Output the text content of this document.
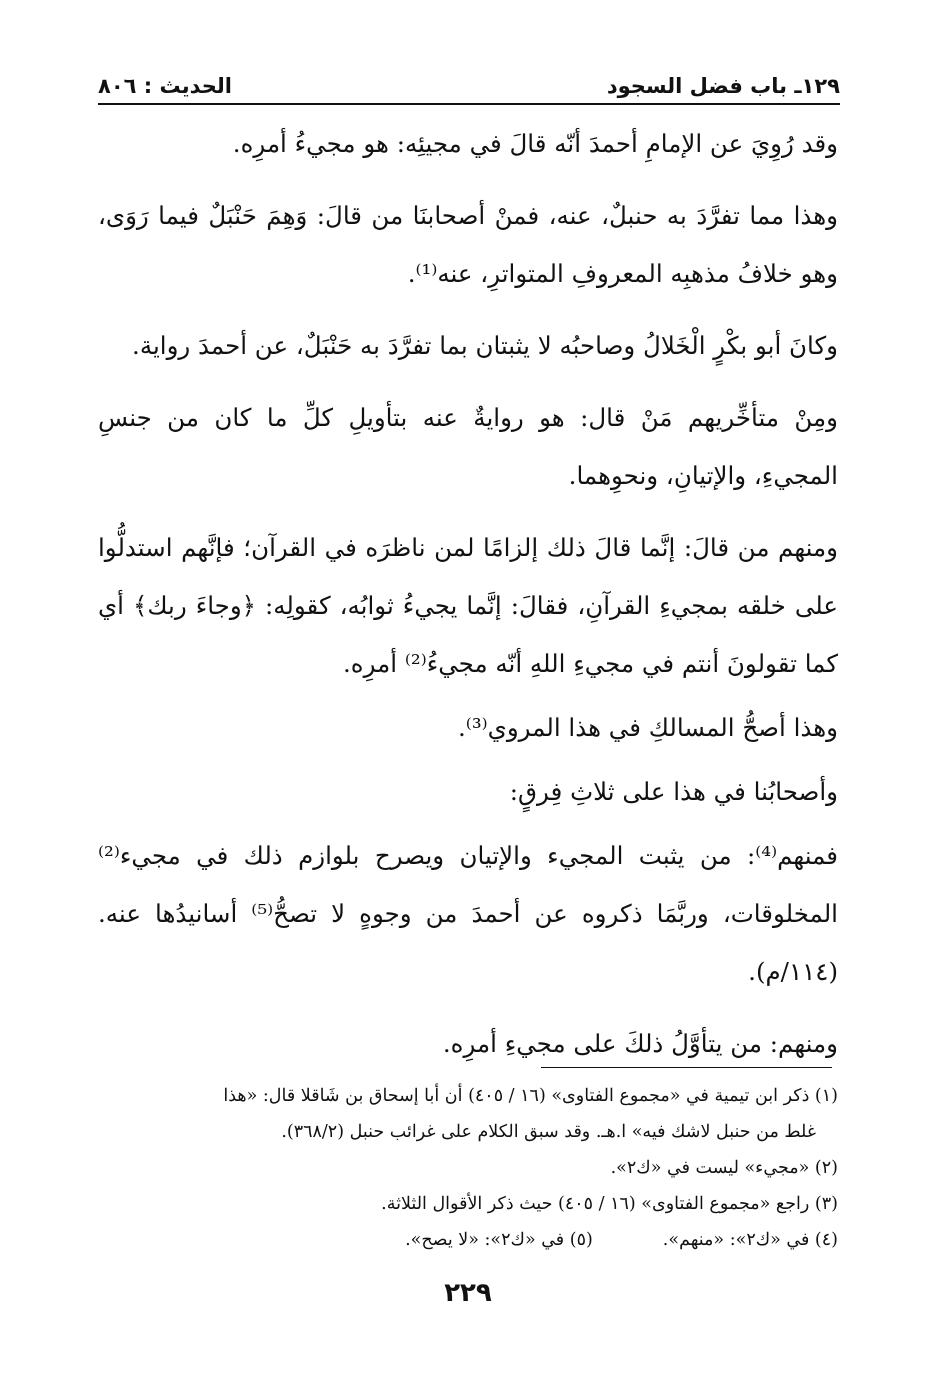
١٢٩ـ باب فضل السجود
الحديث : ٨٠٦

وقد رُوِيَ عن الإمامِ أحمدَ أنّه قالَ في مجيئِه: هو مجيءُ أمرِه.

وهذا مما تفرَّدَ به حنبلٌ، عنه، فمنْ أصحابنَا من قالَ: وَهِمَ حَنْبَلٌ فيما رَوَى، وهو خلافُ مذهبِه المعروفِ المتواترِ، عنه⁽¹⁾.

وكانَ أبو بكْرٍ الْخَلالُ وصاحبُه لا يثبتان بما تفرَّدَ به حَنْبَلٌ، عن أحمدَ رواية.

ومِنْ متأخِّريهم مَنْ قال: هو روايةٌ عنه بتأويلِ كلِّ ما كان من جنسِ المجيءِ، والإتيانِ، ونحوِهما.

ومنهم من قالَ: إنَّما قالَ ذلك إلزامًا لمن ناظرَه في القرآن؛ فإنَّهم استدلُّوا على خلقه بمجيءِ القرآنِ، فقالَ: إنَّما يجيءُ ثوابُه، كقولِه: ﴿وجاءَ ربك﴾ أي كما تقولونَ أنتم في مجيءِ اللهِ أنّه مجيءُ⁽²⁾ أمرِه.

وهذا أصحُّ المسالكِ في هذا المروي⁽³⁾.

وأصحابُنا في هذا على ثلاثِ فِرقٍ:

فمنهم⁽⁴⁾: من يثبت المجيء والإتيان ويصرح بلوازم ذلك في مجيء⁽²⁾ المخلوقات، وربَّمَا ذكروه عن أحمدَ من وجوهٍ لا تصحُّ⁽⁵⁾ أسانيدُها عنه. (١١٤/م).

ومنهم: من يتأوَّلُ ذلكَ على مجيءِ أمرِه.

(١) ذكر ابن تيمية في «مجموع الفتاوى» (١٦ / ٤٠٥) أن أبا إسحاق بن شَاقلا قال: «هذا
غلط من حنبل لاشك فيه» ا.هـ. وقد سبق الكلام على غرائب حنبل (٣٦٨/٢).

(٢) «مجيء» ليست في «ك٢».

(٣) راجع «مجموع الفتاوى» (١٦ / ٤٠٥) حيث ذكر الأقوال الثلاثة.

(٤) في «ك٢»: «منهم».
(٥) في «ك٢»: «لا يصح».
٢٢٩
